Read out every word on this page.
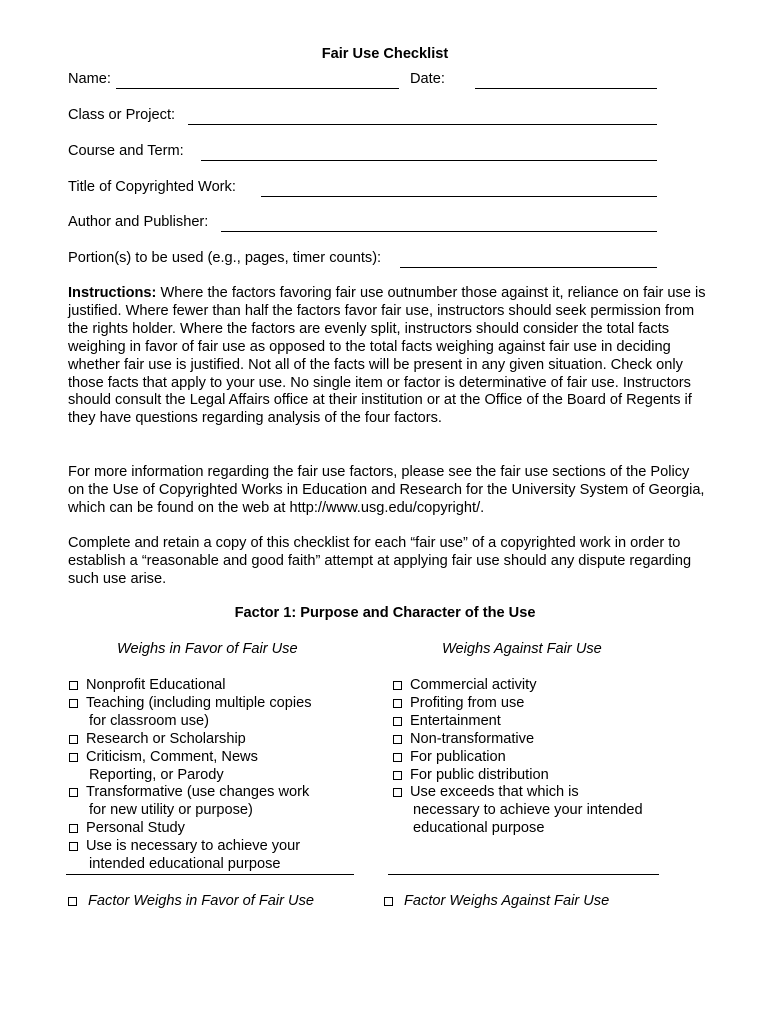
Fair Use Checklist
Name:	Date:
Class or Project:
Course and Term:
Title of Copyrighted Work:
Author and Publisher:
Portion(s) to be used (e.g., pages, timer counts):

Instructions: Where the factors favoring fair use outnumber those against it, reliance on fair use is justified. Where fewer than half the factors favor fair use, instructors should seek permission from the rights holder. Where the factors are evenly split, instructors should consider the total facts weighing in favor of fair use as opposed to the total facts weighing against fair use in deciding whether fair use is justified. Not all of the facts will be present in any given situation. Check only those facts that apply to your use. No single item or factor is determinative of fair use. Instructors should consult the Legal Affairs office at their institution or at the Office of the Board of Regents if they have questions regarding analysis of the four factors.

For more information regarding the fair use factors, please see the fair use sections of the Policy on the Use of Copyrighted Works in Education and Research for the University System of Georgia, which can be found on the web at http://www.usg.edu/copyright/.

Complete and retain a copy of this checklist for each “fair use” of a copyrighted work in order to establish a “reasonable and good faith” attempt at applying fair use should any dispute regarding such use arise.

Factor 1: Purpose and Character of the Use
Weighs in Favor of Fair Use	Weighs Against Fair Use
Nonprofit Educational
Teaching (including multiple copies
for classroom use)
Research or Scholarship
Criticism, Comment, News
Reporting, or Parody
Transformative (use changes work
for new utility or purpose)
Personal Study
Use is necessary to achieve your
intended educational purpose
Commercial activity
Profiting from use
Entertainment
Non-transformative
For publication
For public distribution
Use exceeds that which is
necessary to achieve your intended
educational purpose
Factor Weighs in Favor of Fair Use	Factor Weighs Against Fair Use
